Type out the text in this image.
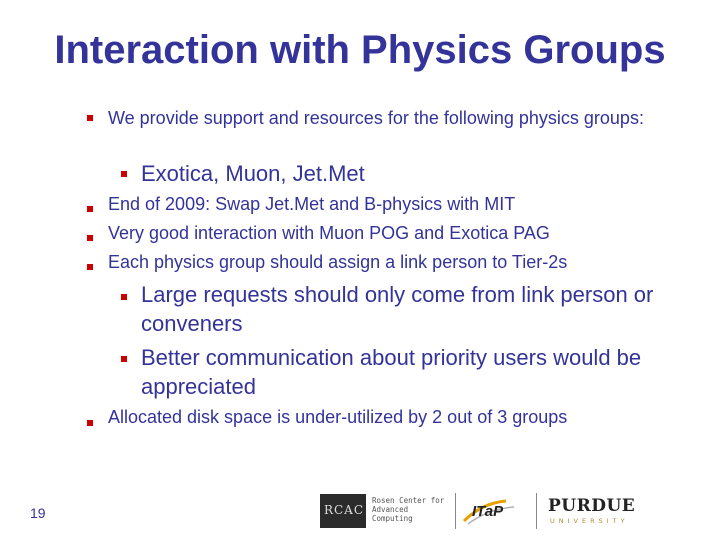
Interaction with Physics Groups
We provide support and resources for the following physics groups:
Exotica, Muon, Jet.Met
End of 2009: Swap Jet.Met and B-physics with MIT
Very good interaction with Muon POG and Exotica PAG
Each physics group should assign a link person to Tier-2s
Large requests should only come from link person or conveners
Better communication about priority users would be appreciated
Allocated disk space is under-utilized by 2 out of 3 groups
19	RCAC
Rosen Center for Advanced Computing	ITaP	PURDUE
UNIVERSITY
